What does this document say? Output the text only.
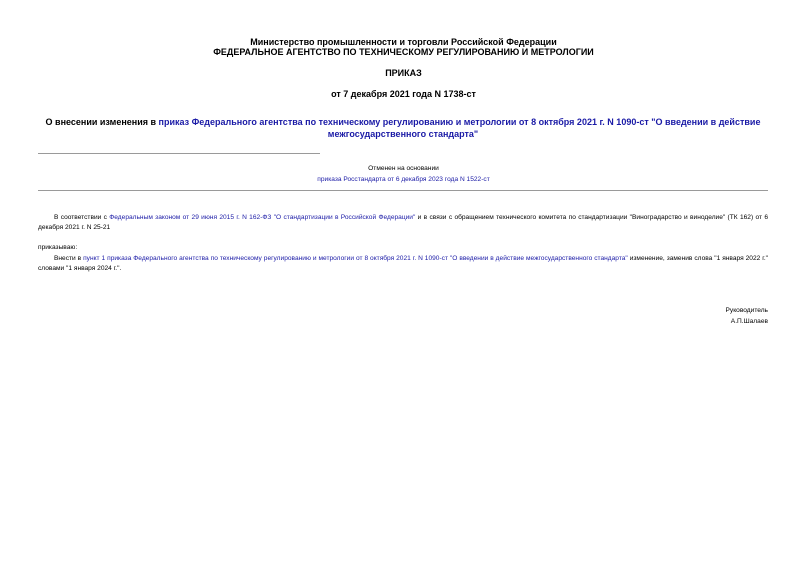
Министерство промышленности и торговли Российской Федерации
ФЕДЕРАЛЬНОЕ АГЕНТСТВО ПО ТЕХНИЧЕСКОМУ РЕГУЛИРОВАНИЮ И МЕТРОЛОГИИ
ПРИКАЗ
от 7 декабря 2021 года N 1738-ст
О внесении изменения в приказ Федерального агентства по техническому регулированию и метрологии от 8 октября 2021 г. N 1090-ст "О введении в действие межгосударственного стандарта"
Отменен на основании
приказа Росстандарта от 6 декабря 2023 года N 1522-ст
В соответствии с Федеральным законом от 29 июня 2015 г. N 162-ФЗ "О стандартизации в Российской Федерации" и в связи с обращением технического комитета по стандартизации "Виноградарство и виноделие" (ТК 162) от 6 декабря 2021 г. N 25-21
приказываю:
Внести в пункт 1 приказа Федерального агентства по техническому регулированию и метрологии от 8 октября 2021 г. N 1090-ст "О введении в действие межгосударственного стандарта" изменение, заменив слова "1 января 2022 г." словами "1 января 2024 г.".
Руководитель
А.П.Шалаев
